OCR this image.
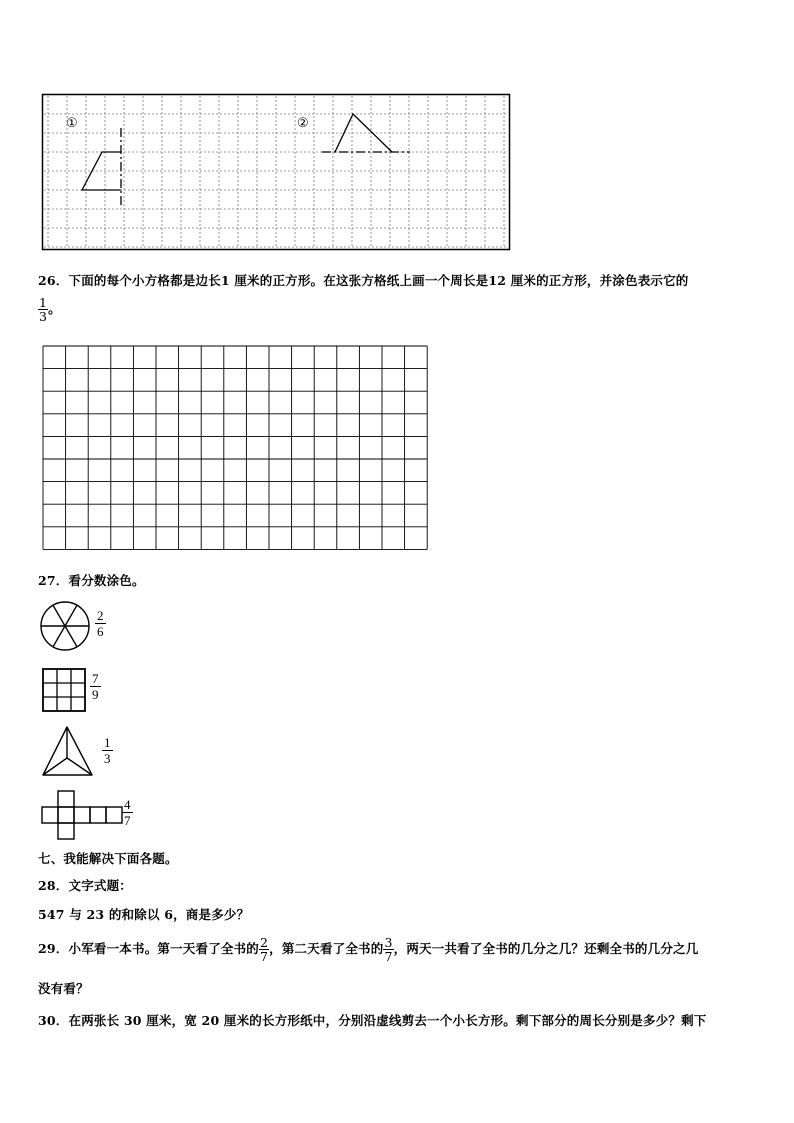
①	②
26．下面的每个小方格都是边长1 厘米的正方形。在这张方格纸上画一个周长是12 厘米的正方形，并涂色表示它的
$\frac{1}{3}$ 。
27．看分数涂色。
$\frac{2}{6}$
$\frac{7}{9}$
$\frac{1}{3}$
$\frac{4}{7}$
七、我能解决下面各题。
28．文字式题：
547 与 23 的和除以 6，商是多少？
29．小军看一本书。第一天看了全书的 $\frac{2}{7}$ ，第二天看了全书的 $\frac{3}{7}$ ，两天一共看了全书的几分之几？还剩全书的几分之几
没有看？
30．在两张长 30 厘米，宽 20 厘米的长方形纸中，分别沿虚线剪去一个小长方形。剩下部分的周长分别是多少？剩下
